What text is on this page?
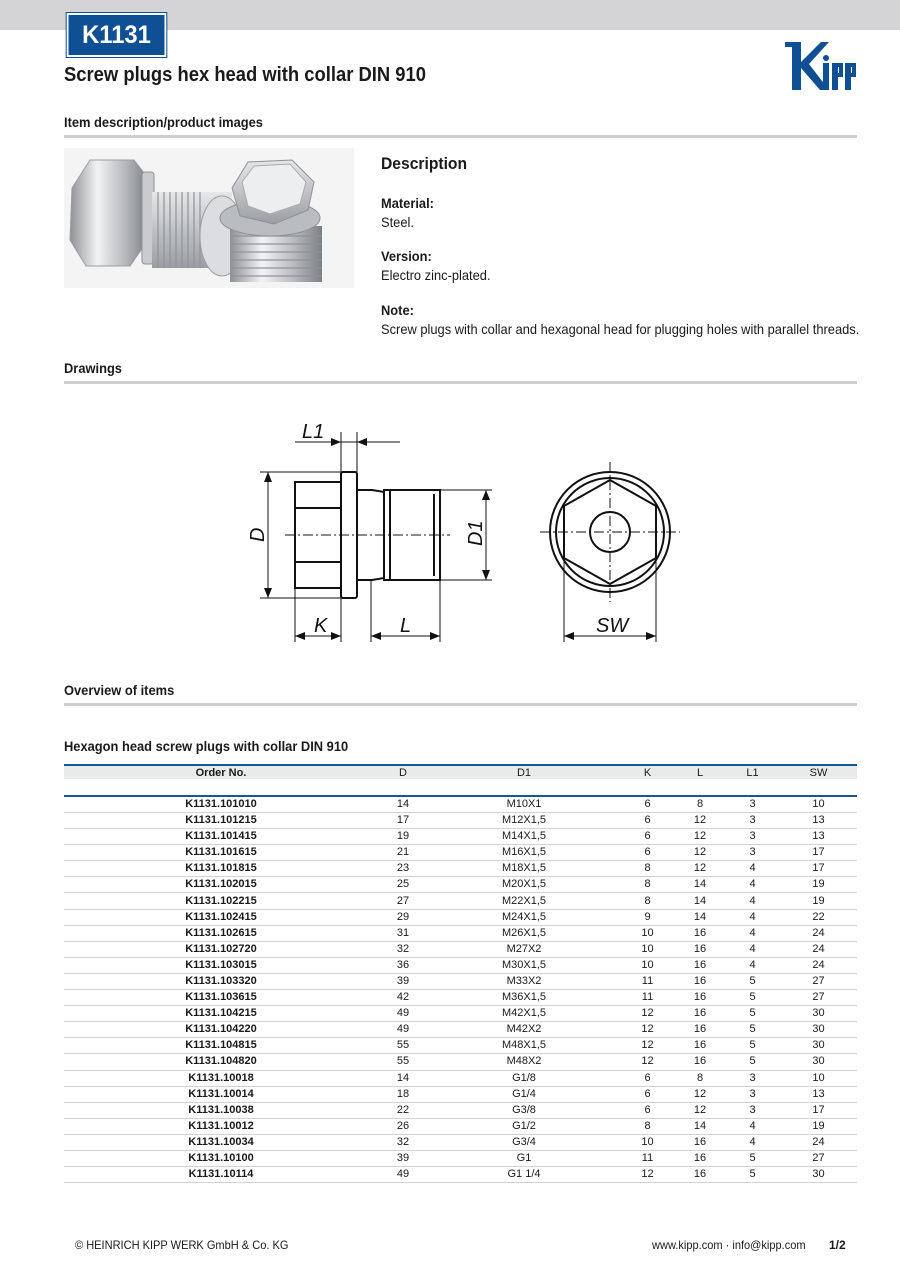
K1131
Screw plugs hex head with collar DIN 910
Item description/product images
Description
Material:
Steel.
Version:
Electro zinc-plated.
Note:
Screw plugs with collar and hexagonal head for plugging holes with parallel threads.
Drawings
L1
D	D1
K	L	SW
Overview of items
Hexagon head screw plugs with collar DIN 910
Order No.	D	D1	K	L	L1	SW
K1131.101010	14	M10X1	6	8	3	10
K1131.101215	17	M12X1,5	6	12	3	13
K1131.101415	19	M14X1,5	6	12	3	13
K1131.101615	21	M16X1,5	6	12	3	17
K1131.101815	23	M18X1,5	8	12	4	17
K1131.102015	25	M20X1,5	8	14	4	19
K1131.102215	27	M22X1,5	8	14	4	19
K1131.102415	29	M24X1,5	9	14	4	22
K1131.102615	31	M26X1,5	10	16	4	24
K1131.102720	32	M27X2	10	16	4	24
K1131.103015	36	M30X1,5	10	16	4	24
K1131.103320	39	M33X2	11	16	5	27
K1131.103615	42	M36X1,5	11	16	5	27
K1131.104215	49	M42X1,5	12	16	5	30
K1131.104220	49	M42X2	12	16	5	30
K1131.104815	55	M48X1,5	12	16	5	30
K1131.104820	55	M48X2	12	16	5	30
K1131.10018	14	G1/8	6	8	3	10
K1131.10014	18	G1/4	6	12	3	13
K1131.10038	22	G3/8	6	12	3	17
K1131.10012	26	G1/2	8	14	4	19
K1131.10034	32	G3/4	10	16	4	24
K1131.10100	39	G1	11	16	5	27
K1131.10114	49	G1 1/4	12	16	5	30
© HEINRICH KIPP WERK GmbH & Co. KG	www.kipp.com · info@kipp.com 1/2
